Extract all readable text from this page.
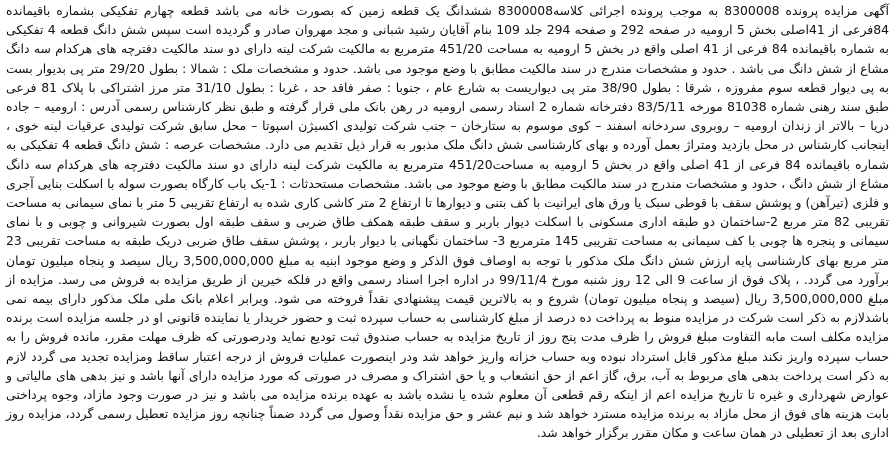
آگهی مزایده پرونده 8300008 به موجب پرونده اجرائی کلاسه8300008 ششدانگ یک قطعه زمین که بصورت خانه می باشد قطعه چهارم تفکیکی بشماره باقیمانده 84فرعی از 41اصلی بخش 5 ارومیه در صفحه 292 و صفحه 294 جلد 109 بنام آقایان رشید شبانی و مجد مهروان صادر و گردیده است سپس شش دانگ قطعه 4 تفکیکی به شماره باقیمانده 84 فرعی از 41 اصلی واقع در بخش 5 ارومیه به مساحت 451/20 مترمربع به مالکیت شرکت لینه دارای دو سند مالکیت دفترچه های هرکدام سه دانگ مشاع از شش دانگ می باشد . حدود و مشخصات مندرج در سند مالکیت مطابق با وضع موجود می باشد. حدود و مشخصات ملک : شمالا : بطول 29/20 متر پی بدیوار بست به پی دیوار قطعه سوم مفروزه ، شرقا : بطول 38/90 متر پی دیواریست به شارع عام ، جنوبا : صفر فاقد حد ، غربا : بطول 31/10 متر مرز اشتراکی با پلاک 81 فرعی طبق سند رهنی شماره 81038 مورخه 83/5/11 دفترخانه شماره 2 اسناد رسمی ارومیه در رهن بانک ملی قرار گرفته و طبق نظر کارشناس رسمی آدرس : ارومیه – جاده دریا – بالاتر از زندان ارومیه – روبروی سردخانه اسفند – کوی موسوم به ستارخان – جنب شرکت تولیدی اکسیژن اسپوتا – محل سابق شرکت تولیدی عرقیات لینه خوی ، اینجانب کارشناس در محل بازدید ومتراژ بعمل آورده و بهای کارشناسی شش دانگ ملک مذبور به قرار ذیل تقدیم می دارد. مشخصات عرصه : شش دانگ قطعه 4 تفکیکی به شماره باقیمانده 84 فرعی از 41 اصلی واقع در بخش 5 ارومیه به مساحت451/20 مترمربع به مالکیت شرکت لینه دارای دو سند مالکیت دفترچه های هرکدام سه دانگ مشاع از شش دانگ ، حدود و مشخصات مندرج در سند مالکیت مطابق با وضع موجود می باشد. مشخصات مستحدثات : 1-یک باب کارگاه بصورت سوله با اسکلت بنایی آجری و فلزی (تیرآهن) و پوشش سقف با قوطی سبک یا ورق های ایرانیت با کف بتنی و دیوارها تا ارتفاع 2 متر کاشی کاری شده به ارتفاع تقریبی 5 متر با نمای سیمانی به مساحت تقریبی 82 متر مربع 2-ساختمان دو طبقه اداری مسکونی با اسکلت دیوار باربر و سقف طبقه همکف طاق ضربی و سقف طبقه اول بصورت شیروانی و چوبی و با نمای سیمانی و پنجره ها چوبی با کف سیمانی به مساحت تقریبی 145 مترمربع 3- ساختمان نگهبانی با دیوار باربر ، پوشش سقف طاق ضربی دریک طبقه به مساحت تقریبی 23 متر مربع بهای کارشناسی پایه ارزش شش دانگ ملک مذکور با توجه به اوصاف فوق الذکر و وضع موجود ابنیه به مبلغ 3,500,000,000 ریال سیصد و پنجاه میلیون تومان برآورد می گردد. ، پلاک فوق از ساعت 9 الی 12 روز شنبه مورخ 99/11/4 در اداره اجرا اسناد رسمی واقع در فلکه خیرین از طریق مزایده به فروش می رسد. مزایده از مبلغ 3,500,000,000 ریال (سیصد و پنجاه میلیون تومان) شروع و به بالاترین قیمت پیشنهادی نقداً فروخته می شود. وبرابر اعلام بانک ملی ملک مذکور دارای بیمه نمی باشدلازم به ذکر است شرکت در مزایده منوط به پرداخت ده درصد از مبلغ کارشناسی به حساب سپرده ثبت و حضور خریدار یا نماینده قانونی او در جلسه مزایده است برنده مزایده مکلف است مابه التفاوت مبلغ فروش را ظرف مدت پنج روز از تاریخ مزایده به حساب صندوق ثبت تودیع نماید ودرصورتی که ظرف مهلت مقرر، مانده فروش را به حساب سپرده واریز نکند مبلغ مذکور قابل استرداد نبوده وبه حساب خزانه واریز خواهد شد ودر اینصورت عملیات فروش از درجه اعتبار ساقط ومزایده تجدید می گردد لازم به ذکر است پرداخت بدهی های مربوط به آب، برق، گاز اعم از حق انشعاب و یا حق اشتراک و مصرف در صورتی که مورد مزایده دارای آنها باشد و نیز بدهی های مالیاتی و عوارض شهرداری و غیره تا تاریخ مزایده اعم از اینکه رقم قطعی آن معلوم شده یا نشده باشد به عهده برنده مزایده می باشد و نیز در صورت وجود مازاد، وجوه پرداختی بابت هزینه های فوق از محل مازاد به برنده مزایده مسترد خواهد شد و نیم عشر و حق مزایده نقداً وصول می گردد ضمناً چنانچه روز مزایده تعطیل رسمی گردد، مزایده روز اداری بعد از تعطیلی در همان ساعت و مکان مقرر برگزار خواهد شد.
